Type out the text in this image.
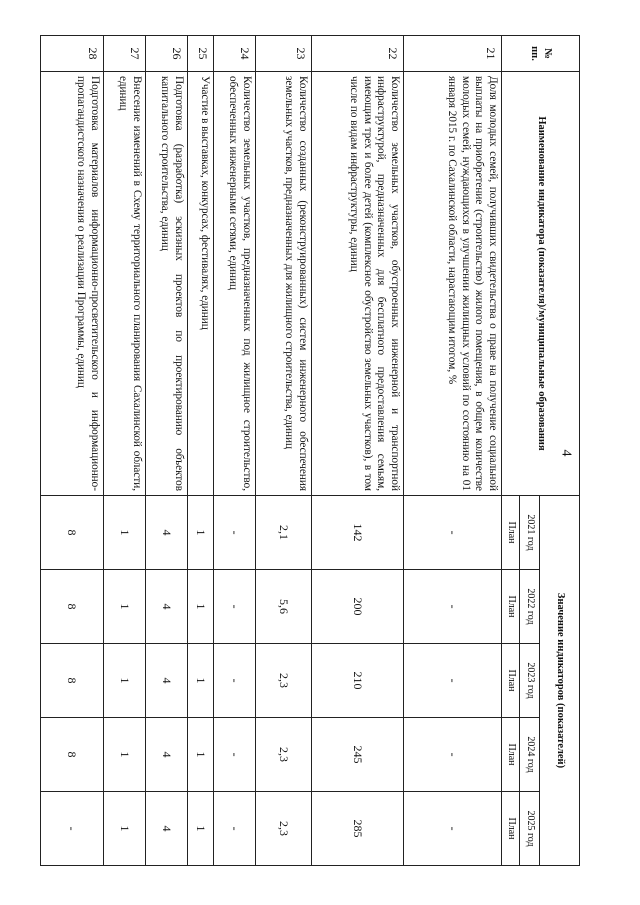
4
№ пп.	Наименование индикатора (показателя)/муниципальные образования	Значение индикаторов (показателей)				
		2021 год	2022 год	2023 год	2024 год	2025 год
		План	План	План	План	План
21	Доля молодых семей, получивших свидетельства о праве на получение социальной выплаты на приобретение (строительство) жилого помещения, в общем количестве молодых семей, нуждающихся в улучшении жилищных условий по состоянию на 01 января 2015 г. по Сахалинской области, нарастающим итогом, %	-	-	-	-	-
22	Количество земельных участков, обустроенных инженерной и транспортной инфраструктурой, предназначенных для бесплатного предоставления семьям, имеющим трех и более детей (комплексное обустройство земельных участков), в том числе по видам инфраструктуры, единиц	142	200	210	245	285
23	Количество созданных (реконструированных) систем инженерного обеспечения земельных участков, предназначенных для жилищного строительства, единиц	2,1	5,6	2,3	2,3	2,3
24	Количество земельных участков, предназначенных под жилищное строительство, обеспеченных инженерными сетями, единиц	-	-	-	-	-
25	Участие в выставках, конкурсах, фестивалях, единиц	1	1	1	1	1
26	Подготовка (разработка) эскизных проектов по проектированию объектов капитального строительства, единиц	4	4	4	4	4
27	Внесение изменений в Схему территориального планирования Сахалинской области, единиц	1	1	1	1	1
28	Подготовка материалов информационно-просветительского и информационно-пропагандистского назначения о реализации Программы, единиц	8	8	8	8	-
